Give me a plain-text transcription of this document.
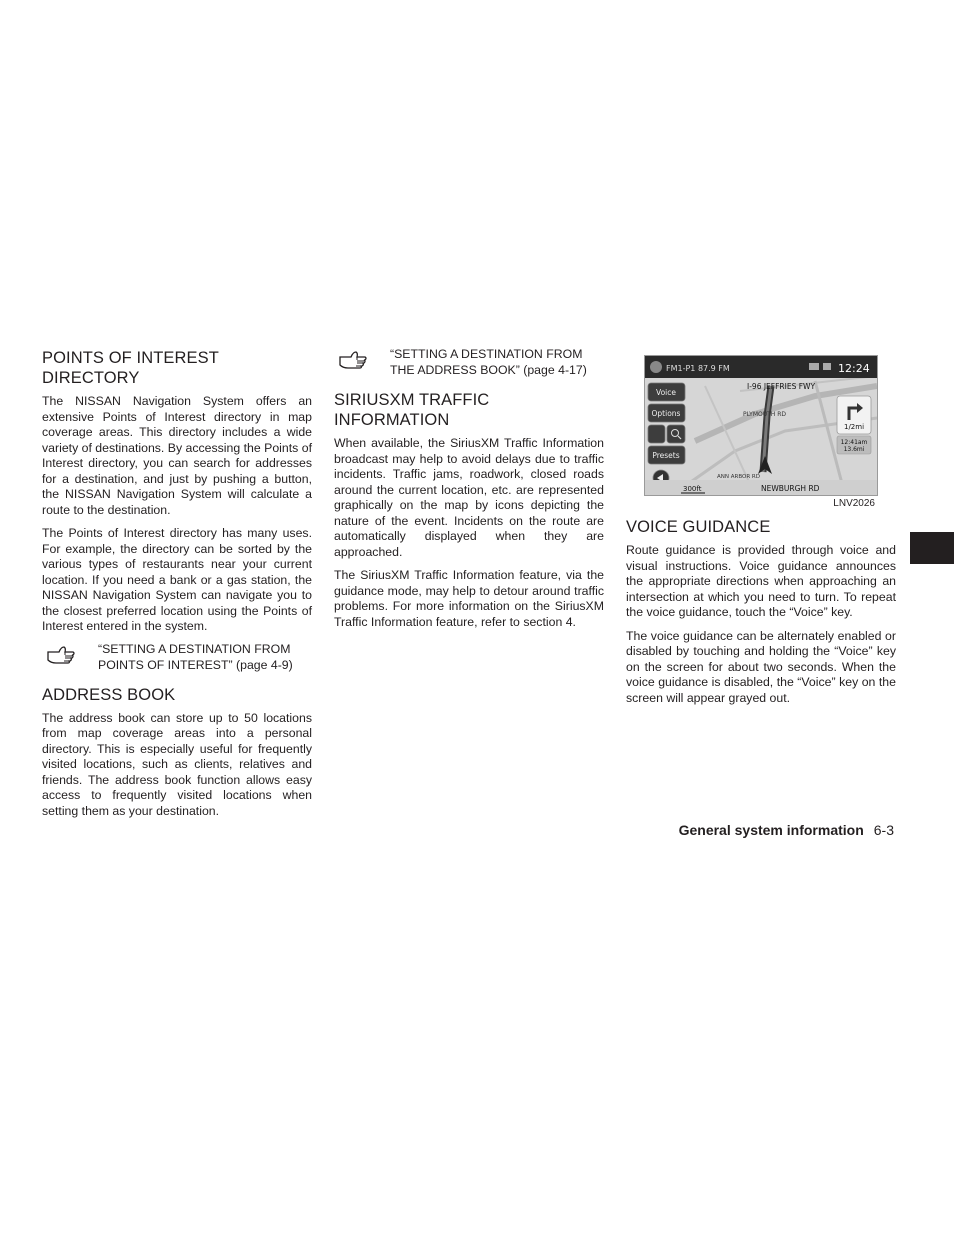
POINTS OF INTEREST DIRECTORY

The NISSAN Navigation System offers an extensive Points of Interest directory in map coverage areas. This directory includes a wide variety of destinations. By accessing the Points of Interest directory, you can search for addresses for a destination, and just by pushing a button, the NISSAN Navigation System will calculate a route to the destination.

The Points of Interest directory has many uses. For example, the directory can be sorted by the various types of restaurants near your current location. If you need a bank or a gas station, the NISSAN Navigation System can navigate you to the closest preferred location using the Points of Interest entered in the system.

“SETTING A DESTINATION FROM POINTS OF INTEREST” (page 4-9)
ADDRESS BOOK

The address book can store up to 50 locations from map coverage areas into a personal directory. This is especially useful for frequently visited locations, such as clients, relatives and friends. The address book function allows easy access to frequently visited locations when setting them as your destination.

“SETTING A DESTINATION FROM THE ADDRESS BOOK” (page 4-17)
SIRIUSXM TRAFFIC INFORMATION

When available, the SiriusXM Traffic Information broadcast may help to avoid delays due to traffic incidents. Traffic jams, roadwork, closed roads around the current location, etc. are represented graphically on the map by icons depicting the nature of the event. Incidents on the route are automatically displayed when they are approached.

The SiriusXM Traffic Information feature, via the guidance mode, may help to detour around traffic problems. For more information on the SiriusXM Traffic Information feature, refer to section 4.

FM1-P1 87.9 FM	12:24
Voice
Options
Presets
I-96 JEFFRIES FWY
PLYMOUTH RD
ANN ARBOR RD
1/2mi
12:41am
13.6mi
300ft	NEWBURGH RD
LNV2026
VOICE GUIDANCE

Route guidance is provided through voice and visual instructions. Voice guidance announces the appropriate directions when approaching an intersection at which you need to turn. To repeat the voice guidance, touch the “Voice” key.

The voice guidance can be alternately enabled or disabled by touching and holding the “Voice” key on the screen for about two seconds. When the voice guidance is disabled, the “Voice” key on the screen will appear grayed out.

General system information 6-3
